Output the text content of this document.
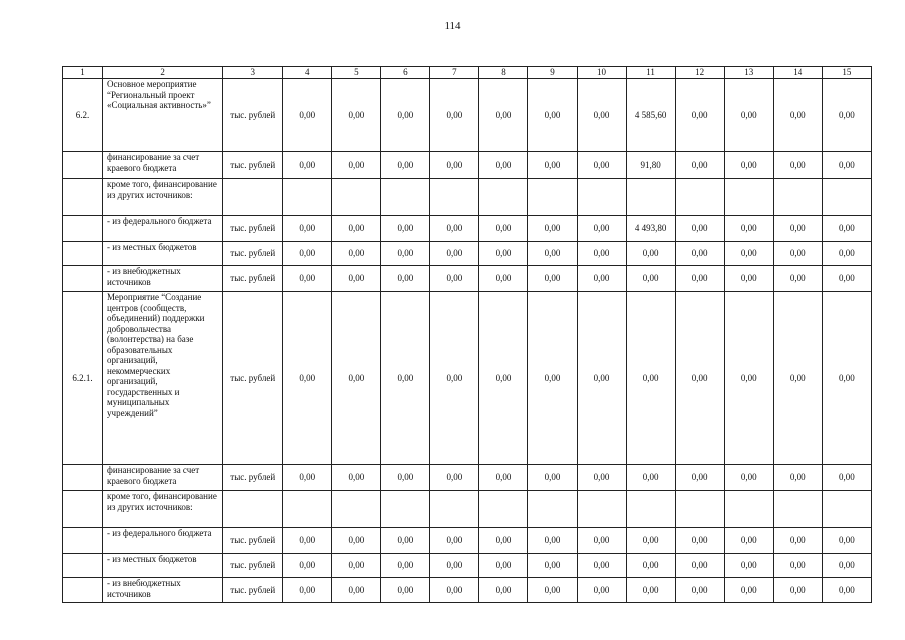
114
1	2	3	4	5	6	7	8	9	10	11	12	13	14	15
6.2.	Основное мероприятие “Региональный проект «Социальная активность»”	тыс. рублей	0,00	0,00	0,00	0,00	0,00	0,00	0,00	4 585,60	0,00	0,00	0,00	0,00
	финансирование за счет краевого бюджета	тыс. рублей	0,00	0,00	0,00	0,00	0,00	0,00	0,00	91,80	0,00	0,00	0,00	0,00
	кроме того, финансирование из других источников:													
	- из федерального бюджета	тыс. рублей	0,00	0,00	0,00	0,00	0,00	0,00	0,00	4 493,80	0,00	0,00	0,00	0,00
	- из местных бюджетов	тыс. рублей	0,00	0,00	0,00	0,00	0,00	0,00	0,00	0,00	0,00	0,00	0,00	0,00
	- из внебюджетных источников	тыс. рублей	0,00	0,00	0,00	0,00	0,00	0,00	0,00	0,00	0,00	0,00	0,00	0,00
6.2.1.	Мероприятие “Создание центров (сообществ, объединений) поддержки добровольчества (волонтерства) на базе образовательных организаций, некоммерческих организаций, государственных и муниципальных учреждений”	тыс. рублей	0,00	0,00	0,00	0,00	0,00	0,00	0,00	0,00	0,00	0,00	0,00	0,00
	финансирование за счет краевого бюджета	тыс. рублей	0,00	0,00	0,00	0,00	0,00	0,00	0,00	0,00	0,00	0,00	0,00	0,00
	кроме того, финансирование из других источников:													
	- из федерального бюджета	тыс. рублей	0,00	0,00	0,00	0,00	0,00	0,00	0,00	0,00	0,00	0,00	0,00	0,00
	- из местных бюджетов	тыс. рублей	0,00	0,00	0,00	0,00	0,00	0,00	0,00	0,00	0,00	0,00	0,00	0,00
	- из внебюджетных источников	тыс. рублей	0,00	0,00	0,00	0,00	0,00	0,00	0,00	0,00	0,00	0,00	0,00	0,00
